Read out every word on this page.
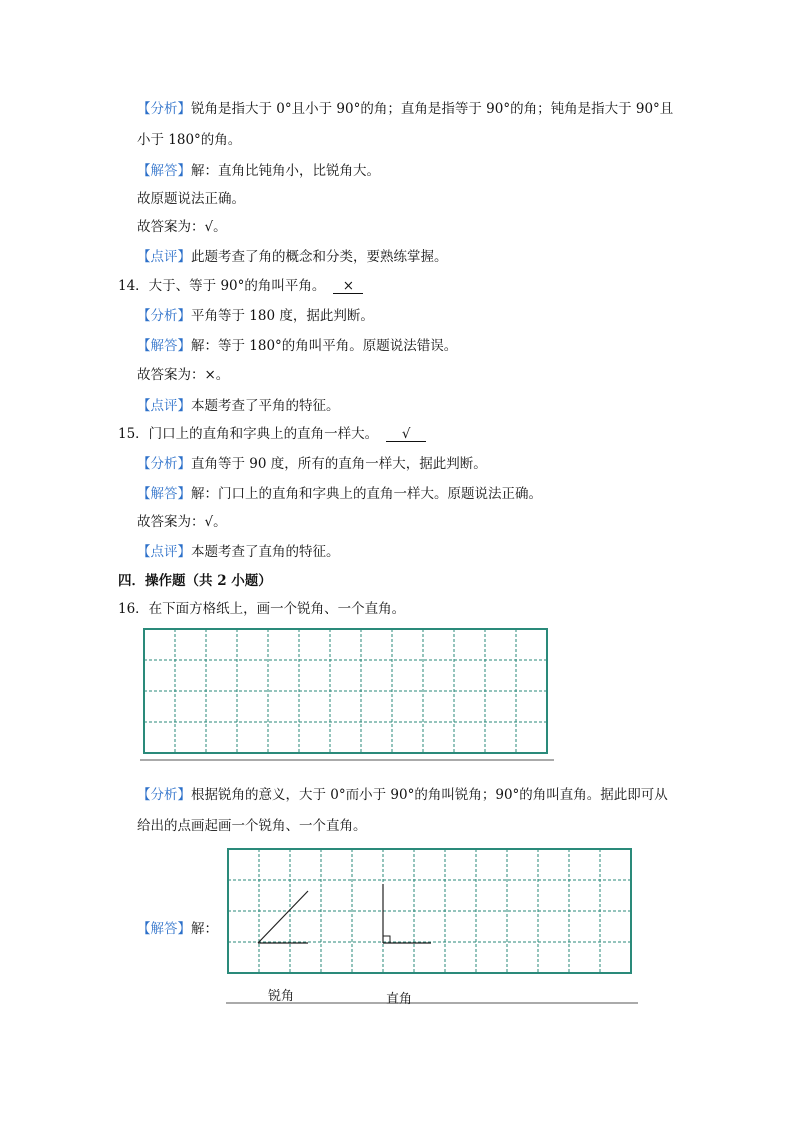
【分析】锐角是指大于 0°且小于 90°的角；直角是指等于 90°的角；钝角是指大于 90°且
小于 180°的角。
【解答】解：直角比钝角小，比锐角大。
故原题说法正确。
故答案为：√。
【点评】此题考查了角的概念和分类，要熟练掌握。
14．大于、等于 90°的角叫平角。 ×
【分析】平角等于 180 度，据此判断。
【解答】解：等于 180°的角叫平角。原题说法错误。
故答案为：×。
【点评】本题考查了平角的特征。
15．门口上的直角和字典上的直角一样大。 √
【分析】直角等于 90 度，所有的直角一样大，据此判断。
【解答】解：门口上的直角和字典上的直角一样大。原题说法正确。
故答案为：√。
【点评】本题考查了直角的特征。
四．操作题（共 2 小题）
16．在下面方格纸上，画一个锐角、一个直角。
【分析】根据锐角的意义，大于 0°而小于 90°的角叫锐角；90°的角叫直角。据此即可从
给出的点画起画一个锐角、一个直角。
【解答】解：
锐角	直角
